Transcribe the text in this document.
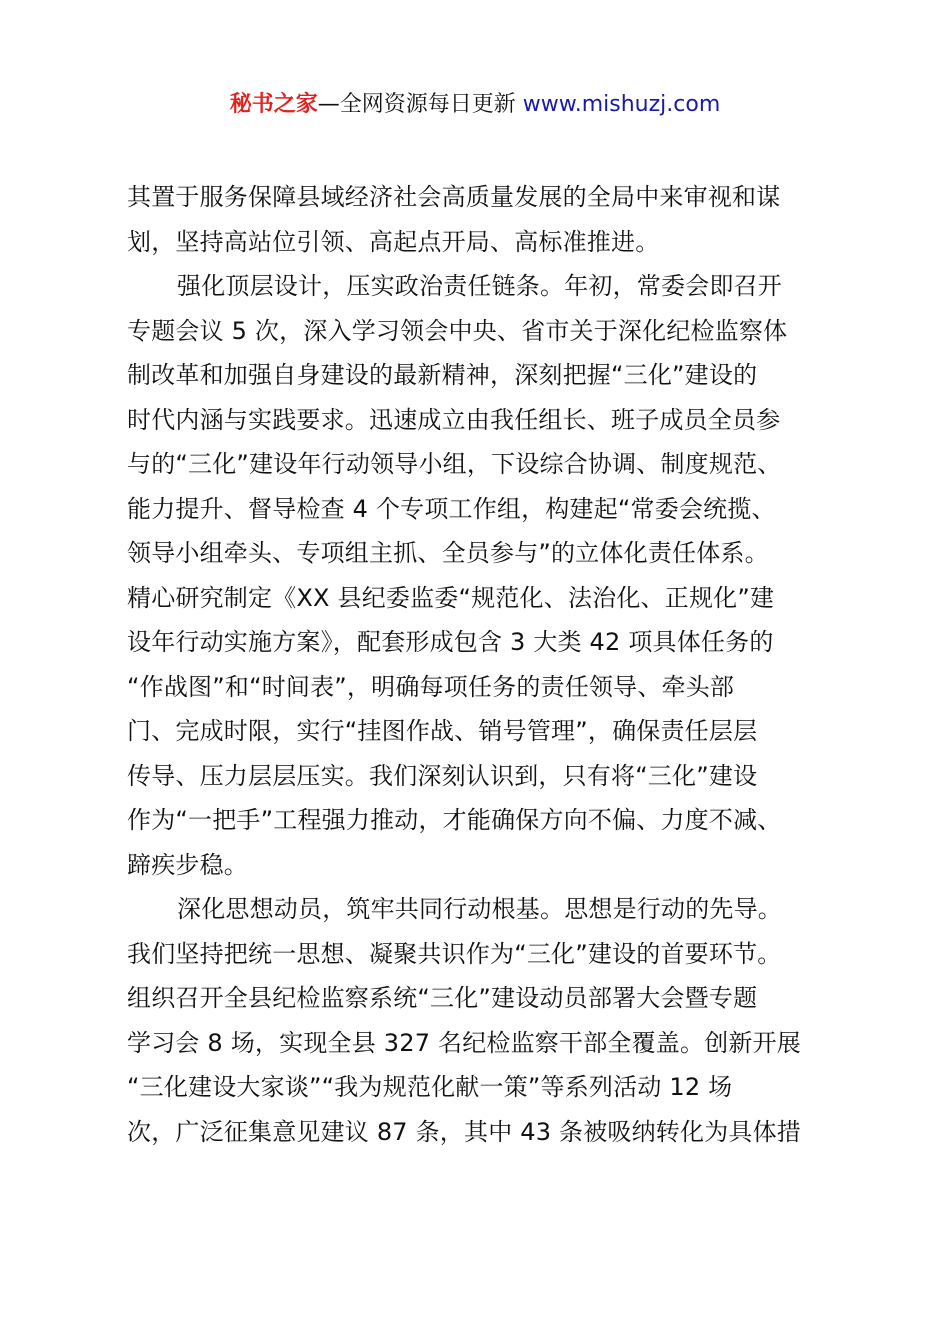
秘书之家—全网资源每日更新 www.mishuzj.com
其置于服务保障县域经济社会高质量发展的全局中来审视和谋
划，坚持高站位引领、高起点开局、高标准推进。
强化顶层设计，压实政治责任链条。年初，常委会即召开
专题会议 5 次，深入学习领会中央、省市关于深化纪检监察体
制改革和加强自身建设的最新精神，深刻把握“三化”建设的
时代内涵与实践要求。迅速成立由我任组长、班子成员全员参
与的“三化”建设年行动领导小组，下设综合协调、制度规范、
能力提升、督导检查 4 个专项工作组，构建起“常委会统揽、
领导小组牵头、专项组主抓、全员参与”的立体化责任体系。
精心研究制定《XX 县纪委监委“规范化、法治化、正规化”建
设年行动实施方案》，配套形成包含 3 大类 42 项具体任务的
“作战图”和“时间表”，明确每项任务的责任领导、牵头部
门、完成时限，实行“挂图作战、销号管理”，确保责任层层
传导、压力层层压实。我们深刻认识到，只有将“三化”建设
作为“一把手”工程强力推动，才能确保方向不偏、力度不减、
蹄疾步稳。
深化思想动员，筑牢共同行动根基。思想是行动的先导。
我们坚持把统一思想、凝聚共识作为“三化”建设的首要环节。
组织召开全县纪检监察系统“三化”建设动员部署大会暨专题
学习会 8 场，实现全县 327 名纪检监察干部全覆盖。创新开展
“三化建设大家谈”“我为规范化献一策”等系列活动 12 场
次，广泛征集意见建议 87 条，其中 43 条被吸纳转化为具体措
